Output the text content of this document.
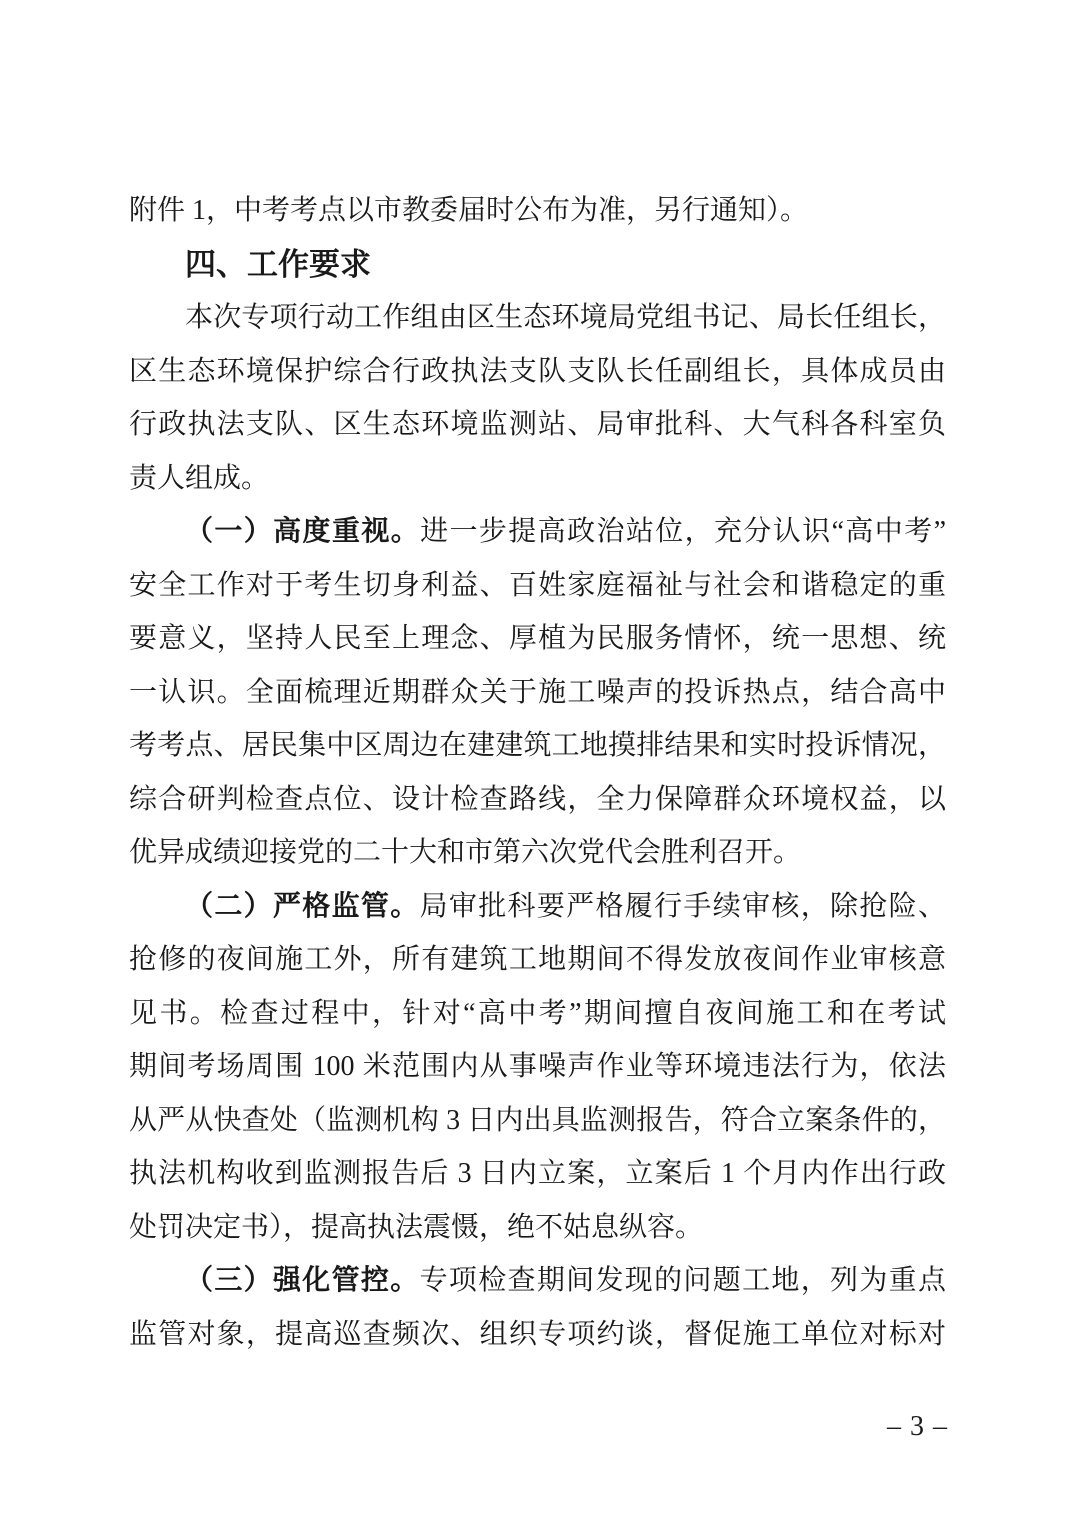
附件 1，中考考点以市教委届时公布为准，另行通知）。
四、工作要求
本次专项行动工作组由区生态环境局党组书记、局长任组长，
区生态环境保护综合行政执法支队支队长任副组长，具体成员由
行政执法支队、区生态环境监测站、局审批科、大气科各科室负
责人组成。
（一）高度重视。进一步提高政治站位，充分认识“高中考”
安全工作对于考生切身利益、百姓家庭福祉与社会和谐稳定的重
要意义，坚持人民至上理念、厚植为民服务情怀，统一思想、统
一认识。全面梳理近期群众关于施工噪声的投诉热点，结合高中
考考点、居民集中区周边在建建筑工地摸排结果和实时投诉情况，
综合研判检查点位、设计检查路线，全力保障群众环境权益，以
优异成绩迎接党的二十大和市第六次党代会胜利召开。
（二）严格监管。局审批科要严格履行手续审核，除抢险、
抢修的夜间施工外，所有建筑工地期间不得发放夜间作业审核意
见书。检查过程中，针对“高中考”期间擅自夜间施工和在考试
期间考场周围 100 米范围内从事噪声作业等环境违法行为，依法
从严从快查处（监测机构 3 日内出具监测报告，符合立案条件的，
执法机构收到监测报告后 3 日内立案，立案后 1 个月内作出行政
处罚决定书），提高执法震慑，绝不姑息纵容。
（三）强化管控。专项检查期间发现的问题工地，列为重点
监管对象，提高巡查频次、组织专项约谈，督促施工单位对标对
– 3 –
